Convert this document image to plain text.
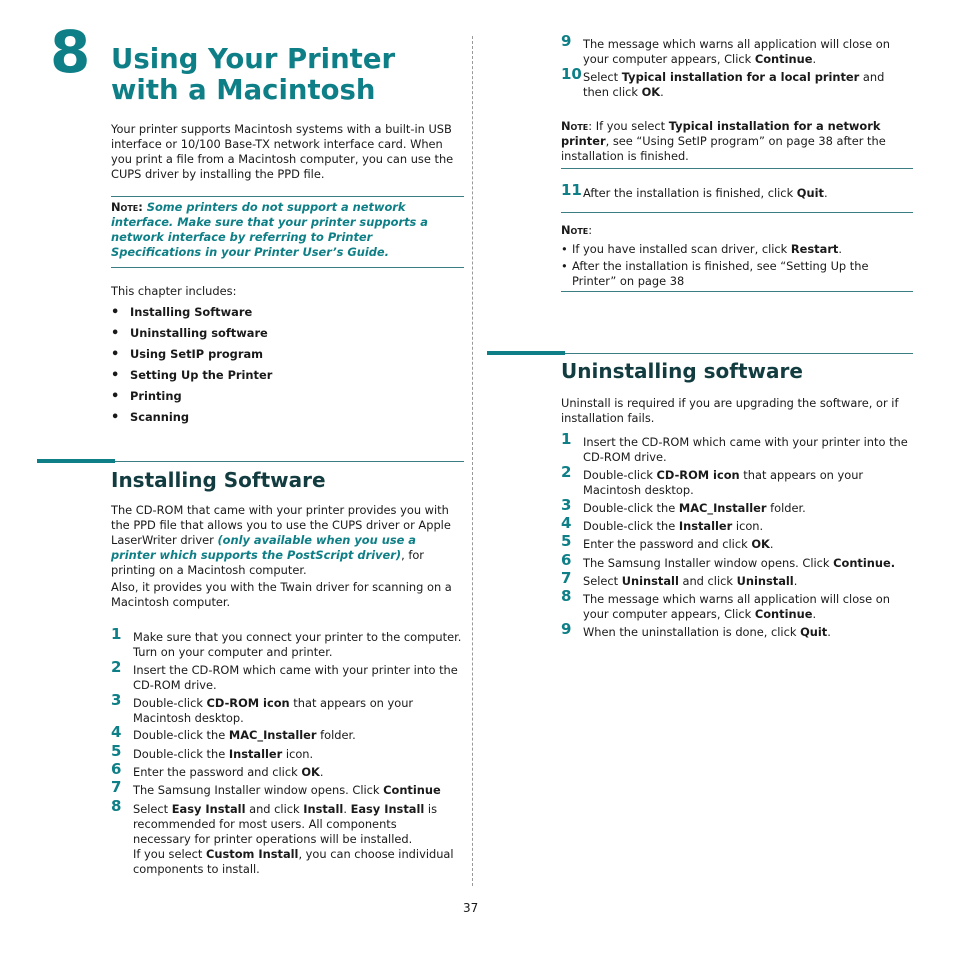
8 Using Your Printer with a Macintosh

Your printer supports Macintosh systems with a built-in USB interface or 10/100 Base-TX network interface card. When you print a file from a Macintosh computer, you can use the CUPS driver by installing the PPD file.

Note: Some printers do not support a network interface. Make sure that your printer supports a network interface by referring to Printer Specifications in your Printer User’s Guide.

This chapter includes:

• Installing Software
• Uninstalling software
• Using SetIP program
• Setting Up the Printer
• Printing
• Scanning
Installing Software

The CD-ROM that came with your printer provides you with the PPD file that allows you to use the CUPS driver or Apple LaserWriter driver (only available when you use a printer which supports the PostScript driver), for printing on a Macintosh computer.

Also, it provides you with the Twain driver for scanning on a Macintosh computer.

1 Make sure that you connect your printer to the computer. Turn on your computer and printer.
2 Insert the CD-ROM which came with your printer into the CD-ROM drive.
3 Double-click CD-ROM icon that appears on your Macintosh desktop.
4 Double-click the MAC_Installer folder.
5 Double-click the Installer icon.
6 Enter the password and click OK.
7 The Samsung Installer window opens. Click Continue
8 Select Easy Install and click Install. Easy Install is recommended for most users. All components necessary for printer operations will be installed.
If you select Custom Install, you can choose individual components to install.
9 The message which warns all application will close on your computer appears, Click Continue.
10 Select Typical installation for a local printer and then click OK.

Note: If you select Typical installation for a network printer, see “Using SetIP program” on page 38 after the installation is finished.

11 After the installation is finished, click Quit.

Note:

• If you have installed scan driver, click Restart.
• After the installation is finished, see “Setting Up the Printer” on page 38
Uninstalling software

Uninstall is required if you are upgrading the software, or if installation fails.

1 Insert the CD-ROM which came with your printer into the CD-ROM drive.
2 Double-click CD-ROM icon that appears on your Macintosh desktop.
3 Double-click the MAC_Installer folder.
4 Double-click the Installer icon.
5 Enter the password and click OK.
6 The Samsung Installer window opens. Click Continue.
7 Select Uninstall and click Uninstall.
8 The message which warns all application will close on your computer appears, Click Continue.
9 When the uninstallation is done, click Quit.
37
